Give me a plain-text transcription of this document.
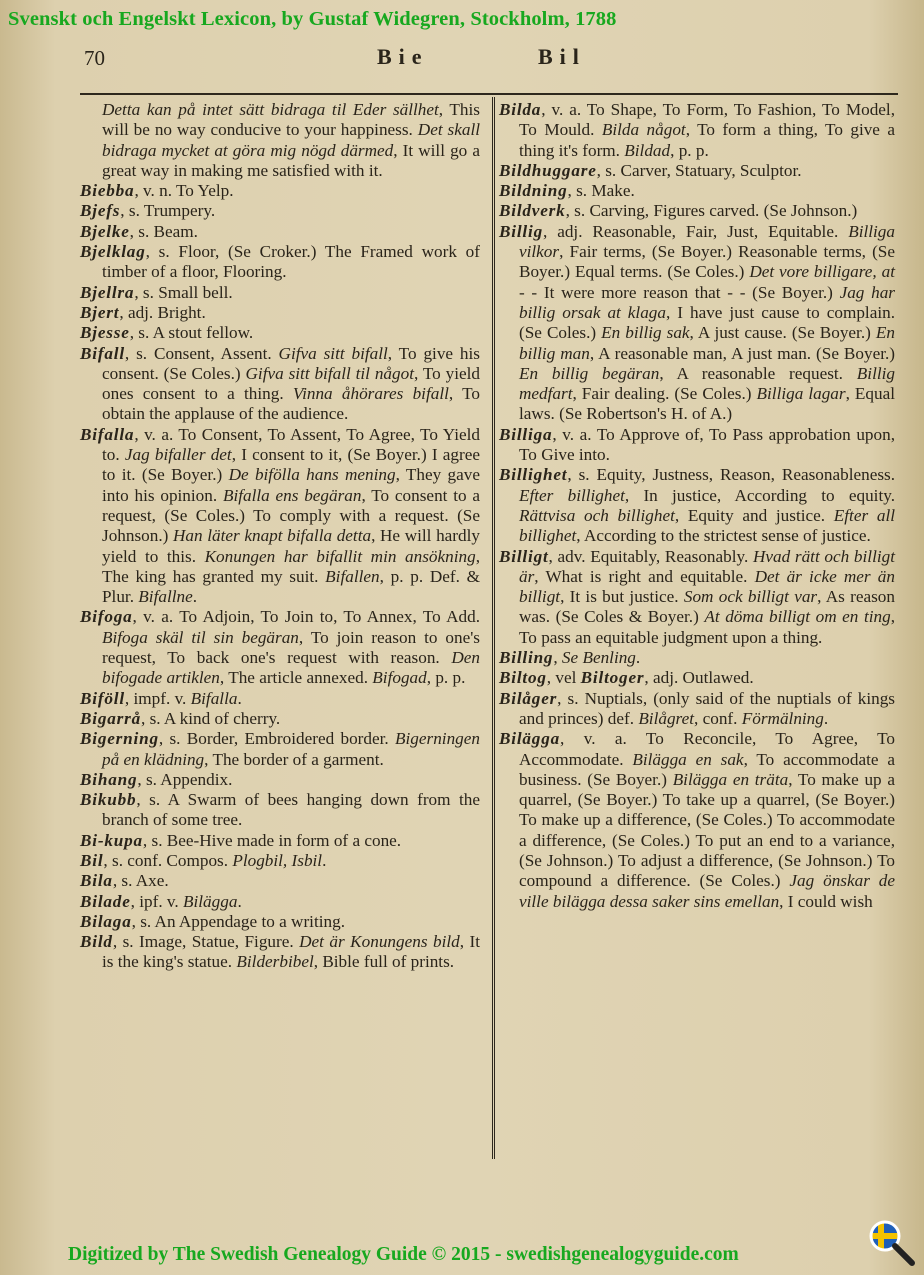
Svenskt och Engelskt Lexicon, by Gustaf Widegren, Stockholm, 1788
70	Bie	Bil
Detta kan på intet sätt bidraga til Eder sällhet, This will be no way conducive to your happiness. Det skall bidraga mycket at göra mig nögd därmed, It will go a great way in making me satisfied with it.
Biebba, v. n. To Yelp.
Bjefs, s. Trumpery.
Bjelke, s. Beam.
Bjelklag, s. Floor, (Se Croker.) The Framed work of timber of a floor, Flooring.
Bjellra, s. Small bell.
Bjert, adj. Bright.
Bjesse, s. A stout fellow.
Bifall, s. Consent, Assent. Gifva sitt bifall, To give his consent. (Se Coles.) Gifva sitt bifall til något, To yield ones consent to a thing. Vinna åhörares bifall, To obtain the applause of the audience.
Bifalla, v. a. To Consent, To Assent, To Agree, To Yield to. Jag bifaller det, I consent to it, (Se Boyer.) I agree to it. (Se Boyer.) De bifölla hans mening, They gave into his opinion. Bifalla ens begäran, To consent to a request, (Se Coles.) To comply with a request. (Se Johnson.) Han läter knapt bifalla detta, He will hardly yield to this. Konungen har bifallit min ansökning, The king has granted my suit. Bifallen, p. p. Def. & Plur. Bifallne.
Bifoga, v. a. To Adjoin, To Join to, To Annex, To Add. Bifoga skäl til sin begäran, To join reason to one's request, To back one's request with reason. Den bifogade artiklen, The article annexed. Bifogad, p. p.
Biföll, impf. v. Bifalla.
Bigarrå, s. A kind of cherry.
Bigerning, s. Border, Embroidered border. Bigerningen på en klädning, The border of a garment.
Bihang, s. Appendix.
Bikubb, s. A Swarm of bees hanging down from the branch of some tree.
Bi-kupa, s. Bee-Hive made in form of a cone.
Bil, s. conf. Compos. Plogbil, Isbil.
Bila, s. Axe.
Bilade, ipf. v. Bilägga.
Bilaga, s. An Appendage to a writing.
Bild, s. Image, Statue, Figure. Det är Konungens bild, It is the king's statue. Bilderbibel, Bible full of prints.
Bilda, v. a. To Shape, To Form, To Fashion, To Model, To Mould. Bilda något, To form a thing, To give a thing it's form. Bildad, p. p.
Bildhuggare, s. Carver, Statuary, Sculptor.
Bildning, s. Make.
Bildverk, s. Carving, Figures carved. (Se Johnson.)
Billig, adj. Reasonable, Fair, Just, Equitable. Billiga vilkor, Fair terms, (Se Boyer.) Reasonable terms, (Se Boyer.) Equal terms. (Se Coles.) Det vore billigare, at - - It were more reason that - - (Se Boyer.) Jag har billig orsak at klaga, I have just cause to complain. (Se Coles.) En billig sak, A just cause. (Se Boyer.) En billig man, A reasonable man, A just man. (Se Boyer.) En billig begäran, A reasonable request. Billig medfart, Fair dealing. (Se Coles.) Billiga lagar, Equal laws. (Se Robertson's H. of A.)
Billiga, v. a. To Approve of, To Pass approbation upon, To Give into.
Billighet, s. Equity, Justness, Reason, Reasonableness. Efter billighet, In justice, According to equity. Rättvisa och billighet, Equity and justice. Efter all billighet, According to the strictest sense of justice.
Billigt, adv. Equitably, Reasonably. Hvad rätt och billigt är, What is right and equitable. Det är icke mer än billigt, It is but justice. Som ock billigt var, As reason was. (Se Coles & Boyer.) At döma billigt om en ting, To pass an equitable judgment upon a thing.
Billing, Se Benling.
Biltog, vel Biltoger, adj. Outlawed.
Bilåger, s. Nuptials, (only said of the nuptials of kings and princes) def. Bilågret, conf. Förmälning.
Bilägga, v. a. To Reconcile, To Agree, To Accommodate. Bilägga en sak, To accommodate a business. (Se Boyer.) Bilägga en träta, To make up a quarrel, (Se Boyer.) To take up a quarrel, (Se Boyer.) To make up a difference, (Se Coles.) To accommodate a difference, (Se Coles.) To put an end to a variance, (Se Johnson.) To adjust a difference, (Se Johnson.) To compound a difference. (Se Coles.) Jag önskar de ville bilägga dessa saker sins emellan, I could wish
Digitized by The Swedish Genealogy Guide © 2015 - swedishgenealogyguide.com
